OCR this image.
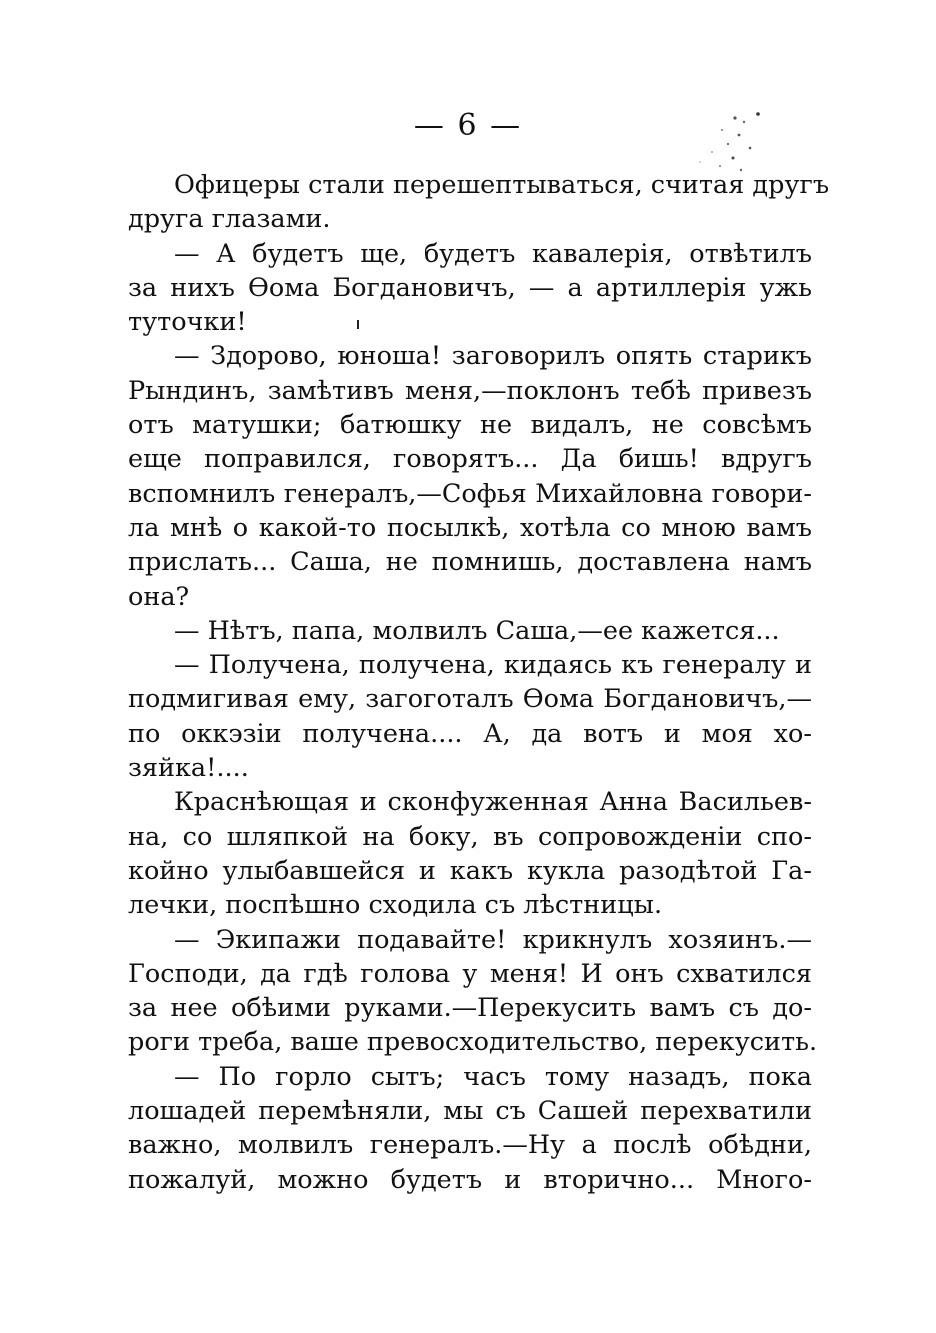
— 6 —
Офицеры стали перешептываться, считая другъ
друга глазами.
— А будетъ ще, будетъ кавалерія, отвѣтилъ
за нихъ Ѳома Богдановичъ, — а артиллерія ужь
туточки!
— Здорово, юноша! заговорилъ опять старикъ
Рындинъ, замѣтивъ меня,—поклонъ тебѣ привезъ
отъ матушки; батюшку не видалъ, не совсѣмъ
еще поправился, говорятъ... Да бишь! вдругъ
вспомнилъ генералъ,—Софья Михайловна говори-
ла мнѣ о какой-то посылкѣ, хотѣла со мною вамъ
прислать... Саша, не помнишь, доставлена намъ
она?
— Нѣтъ, папа, молвилъ Саша,—ее кажется...
— Получена, получена, кидаясь къ генералу и
подмигивая ему, загоготалъ Ѳома Богдановичъ,—
по оккэзіи получена.... А, да вотъ и моя хо-
зяйка!....
Краснѣющая и сконфуженная Анна Васильев-
на, со шляпкой на боку, въ сопровожденіи спо-
койно улыбавшейся и какъ кукла разодѣтой Га-
лечки, поспѣшно сходила съ лѣстницы.
— Экипажи подавайте! крикнулъ хозяинъ.—
Господи, да гдѣ голова у меня! И онъ схватился
за нее обѣими руками.—Перекусить вамъ съ до-
роги треба, ваше превосходительство, перекусить.
— По горло сытъ; часъ тому назадъ, пока
лошадей перемѣняли, мы съ Сашей перехватили
важно, молвилъ генералъ.—Ну а послѣ обѣдни,
пожалуй, можно будетъ и вторично... Много-
